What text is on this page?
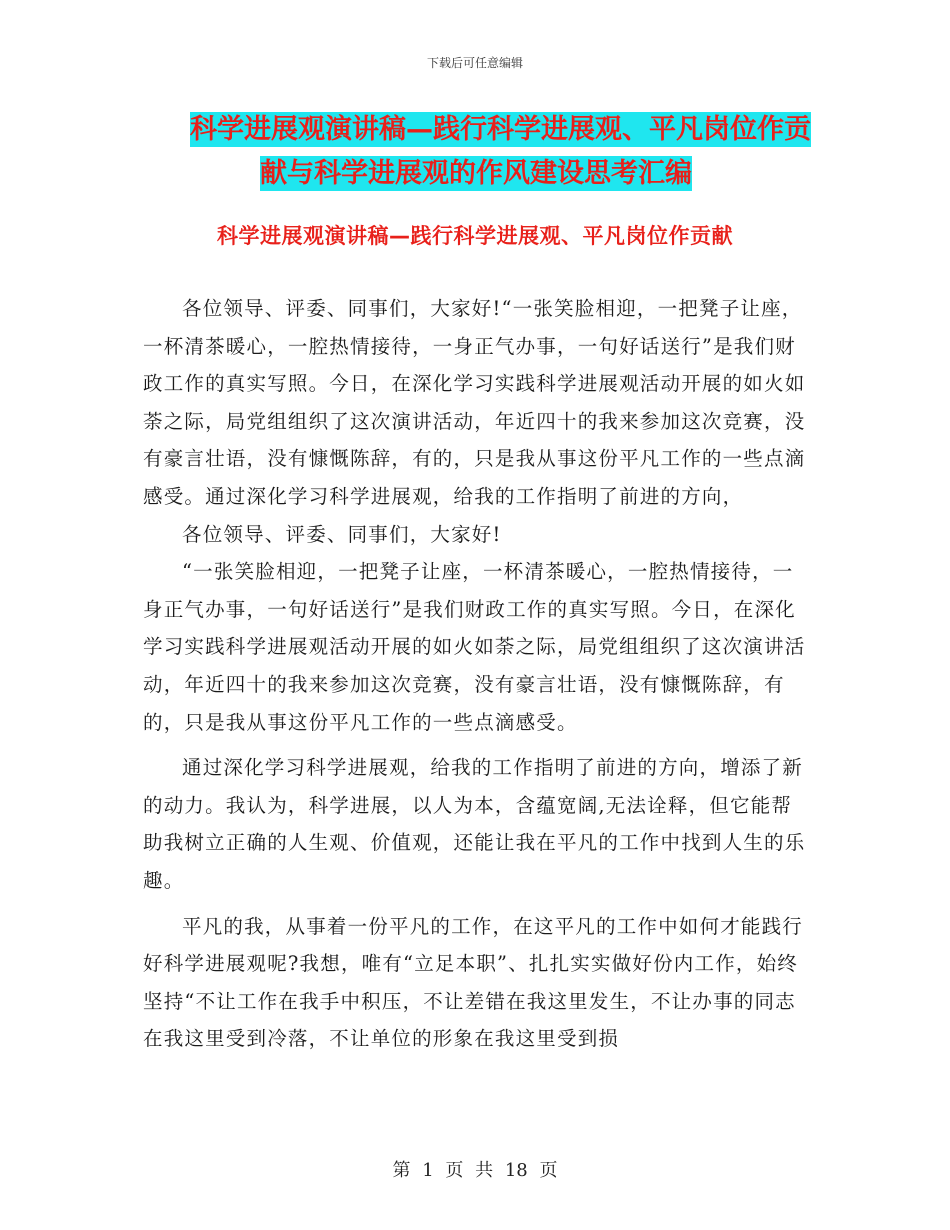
下载后可任意编辑
科学进展观演讲稿—践行科学进展观、平凡岗位作贡
献与科学进展观的作风建设思考汇编
科学进展观演讲稿—践行科学进展观、平凡岗位作贡献

各位领导、评委、同事们，大家好!“一张笑脸相迎，一把凳子让座，一杯清茶暖心，一腔热情接待，一身正气办事，一句好话送行”是我们财政工作的真实写照。今日，在深化学习实践科学进展观活动开展的如火如荼之际，局党组组织了这次演讲活动，年近四十的我来参加这次竞赛，没有豪言壮语，没有慷慨陈辞，有的，只是我从事这份平凡工作的一些点滴感受。通过深化学习科学进展观，给我的工作指明了前进的方向，

各位领导、评委、同事们，大家好!

“一张笑脸相迎，一把凳子让座，一杯清茶暖心，一腔热情接待，一身正气办事，一句好话送行”是我们财政工作的真实写照。今日，在深化学习实践科学进展观活动开展的如火如荼之际，局党组组织了这次演讲活动，年近四十的我来参加这次竞赛，没有豪言壮语，没有慷慨陈辞，有的，只是我从事这份平凡工作的一些点滴感受。

通过深化学习科学进展观，给我的工作指明了前进的方向，增添了新的动力。我认为，科学进展，以人为本，含蕴宽阔,无法诠释，但它能帮助我树立正确的人生观、价值观，还能让我在平凡的工作中找到人生的乐趣。

平凡的我，从事着一份平凡的工作，在这平凡的工作中如何才能践行好科学进展观呢?我想，唯有“立足本职”、扎扎实实做好份内工作，始终坚持“不让工作在我手中积压，不让差错在我这里发生，不让办事的同志在我这里受到冷落，不让单位的形象在我这里受到损

第 1 页 共 18 页
